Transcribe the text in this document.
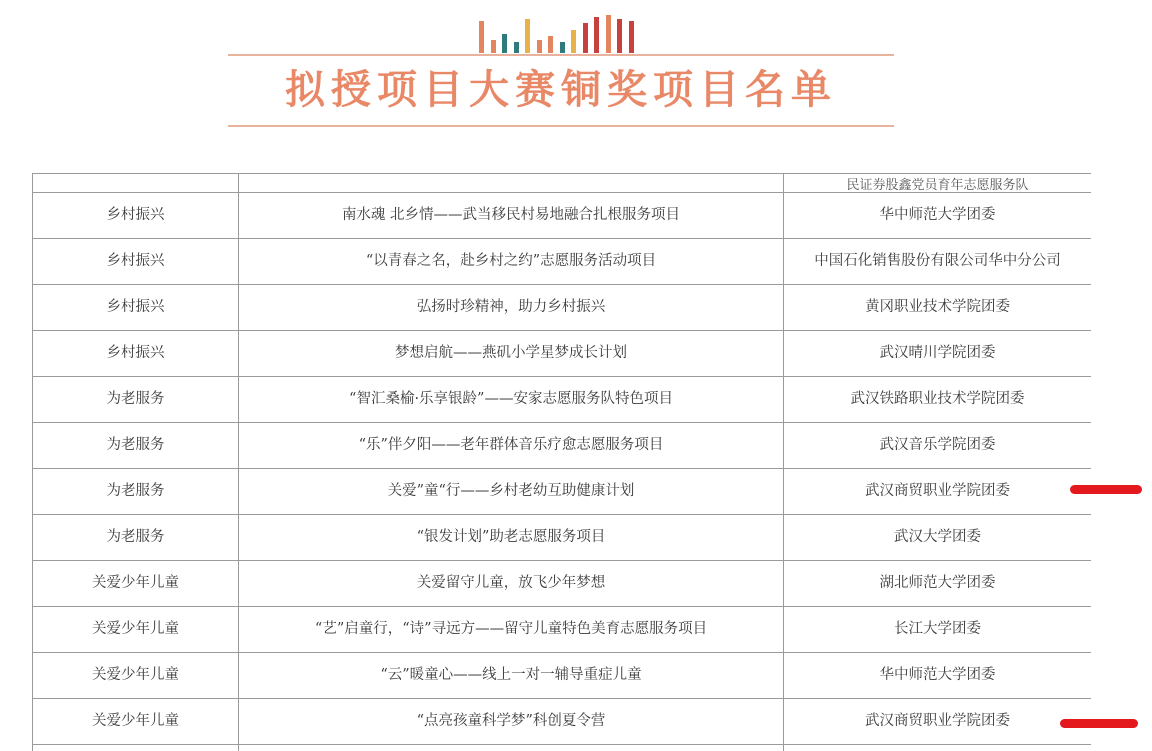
拟授项目大赛铜奖项目名单
		民证券股鑫党员育年志愿服务队
乡村振兴	南水魂 北乡情——武当移民村易地融合扎根服务项目	华中师范大学团委
乡村振兴	“以青春之名，赴乡村之约”志愿服务活动项目	中国石化销售股份有限公司华中分公司
乡村振兴	弘扬时珍精神，助力乡村振兴	黄冈职业技术学院团委
乡村振兴	梦想启航——燕矶小学星梦成长计划	武汉晴川学院团委
为老服务	“智汇桑榆·乐享银龄”——安家志愿服务队特色项目	武汉铁路职业技术学院团委
为老服务	“乐”伴夕阳——老年群体音乐疗愈志愿服务项目	武汉音乐学院团委
为老服务	关爱”童“行——乡村老幼互助健康计划	武汉商贸职业学院团委
为老服务	“银发计划”助老志愿服务项目	武汉大学团委
关爱少年儿童	关爱留守儿童，放飞少年梦想	湖北师范大学团委
关爱少年儿童	“艺”启童行，“诗”寻远方——留守儿童特色美育志愿服务项目	长江大学团委
关爱少年儿童	“云”暖童心——线上一对一辅导重症儿童	华中师范大学团委
关爱少年儿童	“点亮孩童科学梦”科创夏令营	武汉商贸职业学院团委
